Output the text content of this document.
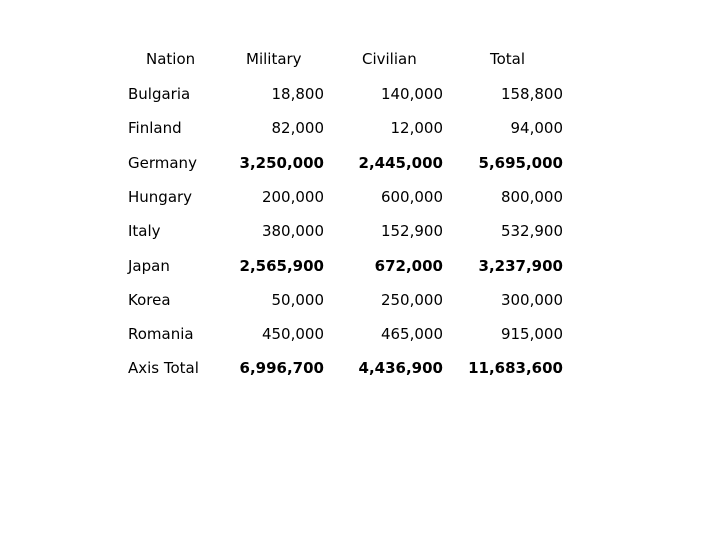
Nation	Military	Civilian	Total
Bulgaria	18,800	140,000	158,800
Finland	82,000	12,000	94,000
Germany	3,250,000	2,445,000	5,695,000
Hungary	200,000	600,000	800,000
Italy	380,000	152,900	532,900
Japan	2,565,900	672,000	3,237,900
Korea	50,000	250,000	300,000
Romania	450,000	465,000	915,000
Axis Total	6,996,700	4,436,900	11,683,600
